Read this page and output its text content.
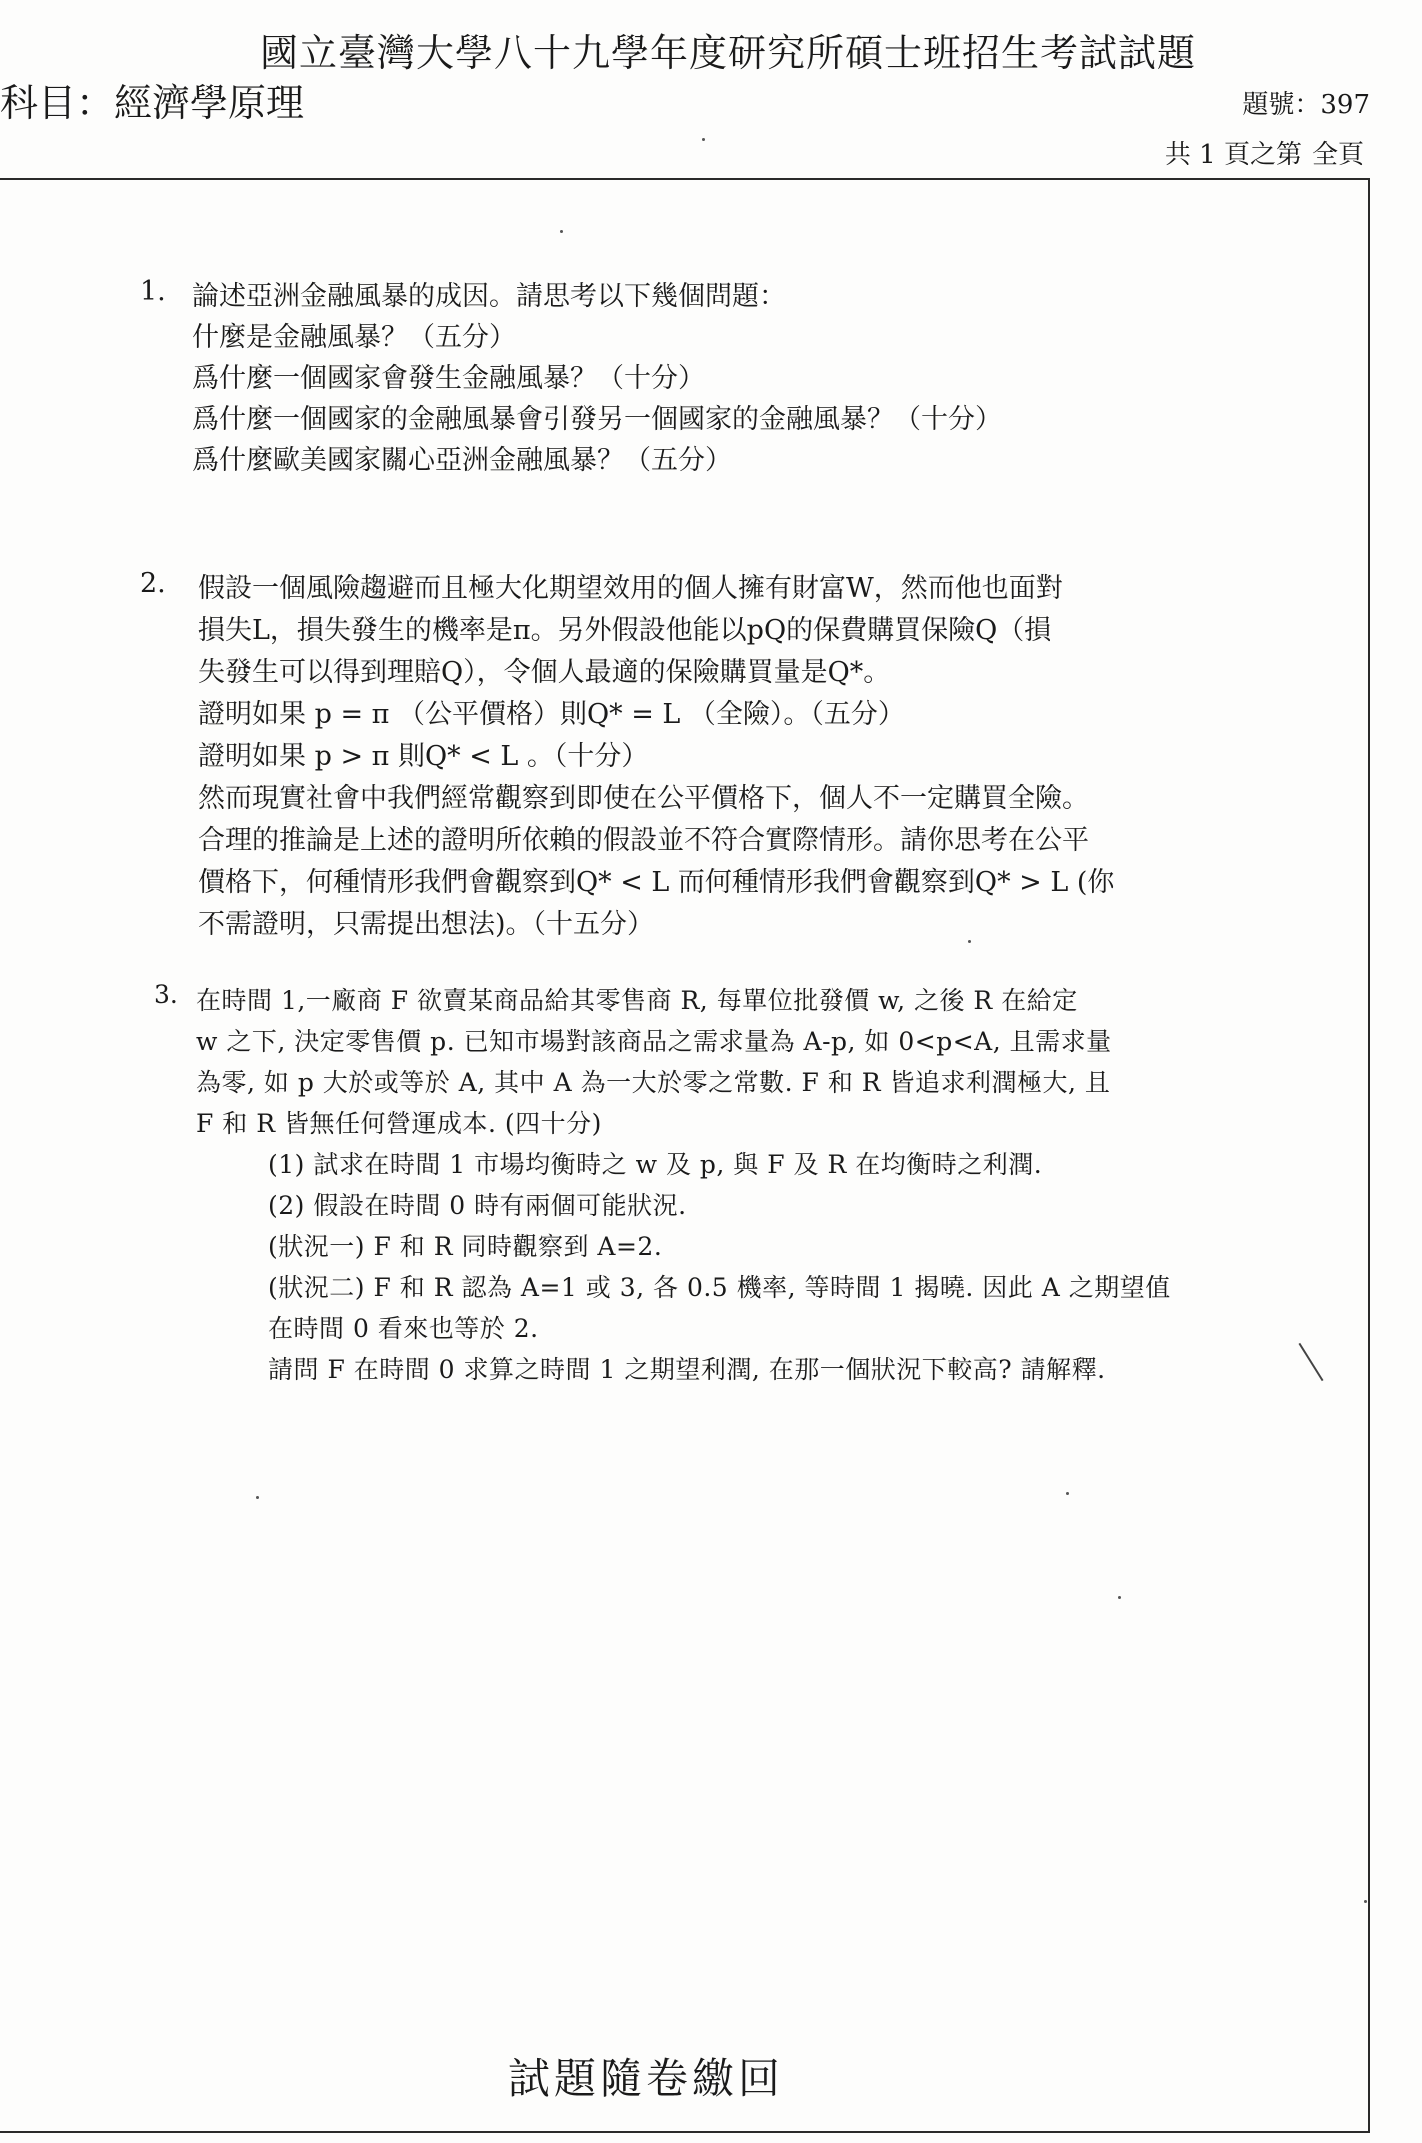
國立臺灣大學八十九學年度研究所碩士班招生考試試題
科目：經濟學原理	題號：397
共 1 頁之第 全頁
1. 論述亞洲金融風暴的成因。請思考以下幾個問題：
什麼是金融風暴？（五分）
爲什麼一個國家會發生金融風暴？（十分）
爲什麼一個國家的金融風暴會引發另一個國家的金融風暴？（十分）
爲什麼歐美國家關心亞洲金融風暴？（五分）
2. 假設一個風險趨避而且極大化期望效用的個人擁有財富W，然而他也面對
損失L，損失發生的機率是π。另外假設他能以pQ的保費購買保險Q（損
失發生可以得到理賠Q），令個人最適的保險購買量是Q*。
證明如果 p = π （公平價格）則Q* = L （全險）。（五分）
證明如果 p > π 則Q* < L 。（十分）
然而現實社會中我們經常觀察到即使在公平價格下，個人不一定購買全險。
合理的推論是上述的證明所依賴的假設並不符合實際情形。請你思考在公平
價格下，何種情形我們會觀察到Q* < L 而何種情形我們會觀察到Q* > L (你
不需證明，只需提出想法)。（十五分）
3. 在時間 1,一廠商 F 欲賣某商品給其零售商 R, 每單位批發價 w, 之後 R 在給定
w 之下, 決定零售價 p. 已知市場對該商品之需求量為 A-p, 如 0<p<A, 且需求量
為零, 如 p 大於或等於 A, 其中 A 為一大於零之常數. F 和 R 皆追求利潤極大, 且
F 和 R 皆無任何營運成本. (四十分)
(1) 試求在時間 1 市場均衡時之 w 及 p, 與 F 及 R 在均衡時之利潤.
(2) 假設在時間 0 時有兩個可能狀況.
(狀況一) F 和 R 同時觀察到 A=2.
(狀況二) F 和 R 認為 A=1 或 3, 各 0.5 機率, 等時間 1 揭曉. 因此 A 之期望值
在時間 0 看來也等於 2.
請問 F 在時間 0 求算之時間 1 之期望利潤, 在那一個狀況下較高? 請解釋.
試題隨卷繳回
